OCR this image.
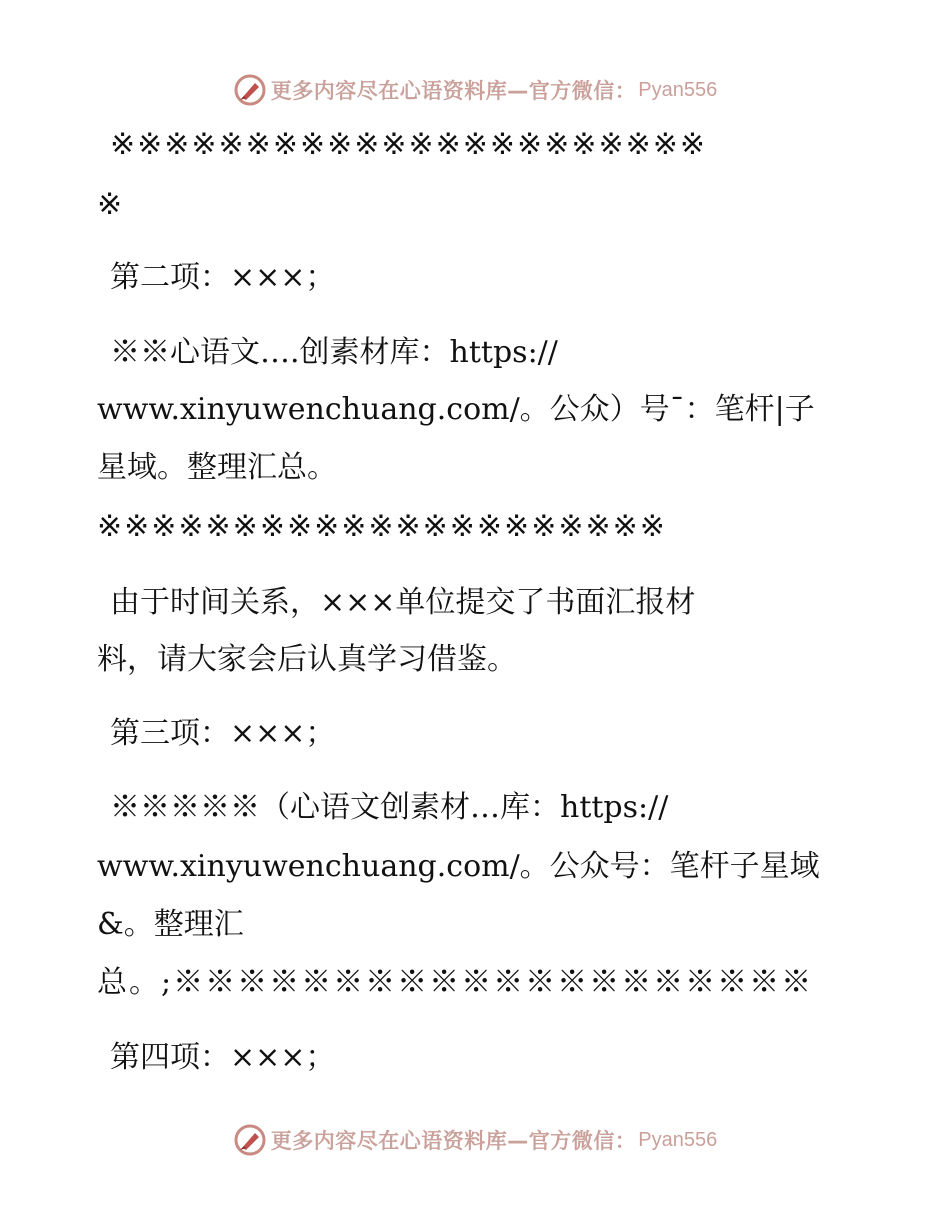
更多内容尽在心语资料库—官方微信： Pyan556
※※※※※※※※※※※※※※※※※※※※※※
※
第二项：×××；
※※心语文….创素材库：https://
www.xinyuwenchuang.com/。公众）号¯：笔杆|子
星域。整理汇总。
※※※※※※※※※※※※※※※※※※※※※
由于时间关系，×××单位提交了书面汇报材
料，请大家会后认真学习借鉴。
第三项：×××；
※※※※※（心语文创素材…库：https://
www.xinyuwenchuang.com/。公众号：笔杆子星域
&。整理汇
总。;※※※※※※※※※※※※※※※※※※※※
第四项：×××；
更多内容尽在心语资料库—官方微信： Pyan556
